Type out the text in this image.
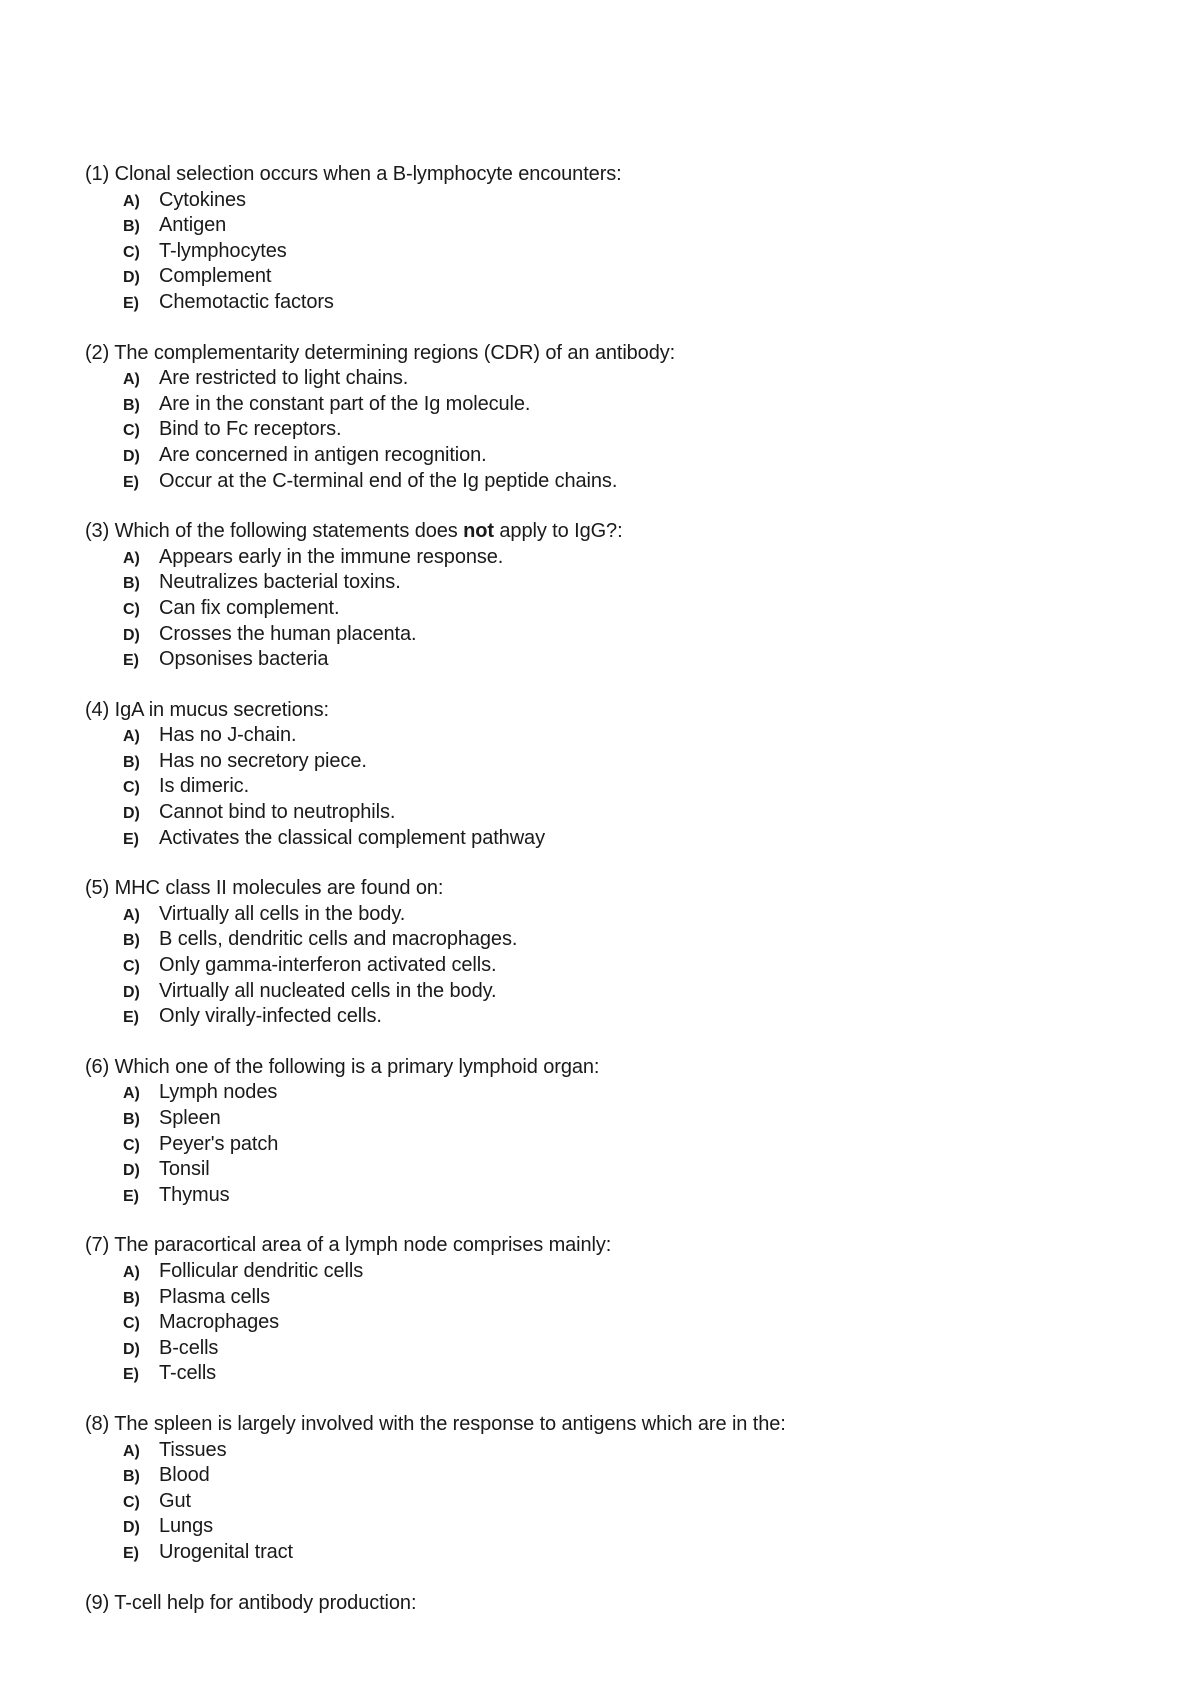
(1) Clonal selection occurs when a B-lymphocyte encounters:
A) Cytokines
B) Antigen
C) T-lymphocytes
D) Complement
E) Chemotactic factors
(2) The complementarity determining regions (CDR) of an antibody:
A) Are restricted to light chains.
B) Are in the constant part of the Ig molecule.
C) Bind to Fc receptors.
D) Are concerned in antigen recognition.
E) Occur at the C-terminal end of the Ig peptide chains.
(3) Which of the following statements does not apply to IgG?:
A) Appears early in the immune response.
B) Neutralizes bacterial toxins.
C) Can fix complement.
D) Crosses the human placenta.
E) Opsonises bacteria
(4) IgA in mucus secretions:
A) Has no J-chain.
B) Has no secretory piece.
C) Is dimeric.
D) Cannot bind to neutrophils.
E) Activates the classical complement pathway
(5) MHC class II molecules are found on:
A) Virtually all cells in the body.
B) B cells, dendritic cells and macrophages.
C) Only gamma-interferon activated cells.
D) Virtually all nucleated cells in the body.
E) Only virally-infected cells.
(6) Which one of the following is a primary lymphoid organ:
A) Lymph nodes
B) Spleen
C) Peyer's patch
D) Tonsil
E) Thymus
(7) The paracortical area of a lymph node comprises mainly:
A) Follicular dendritic cells
B) Plasma cells
C) Macrophages
D) B-cells
E) T-cells
(8) The spleen is largely involved with the response to antigens which are in the:
A) Tissues
B) Blood
C) Gut
D) Lungs
E) Urogenital tract
(9) T-cell help for antibody production:
